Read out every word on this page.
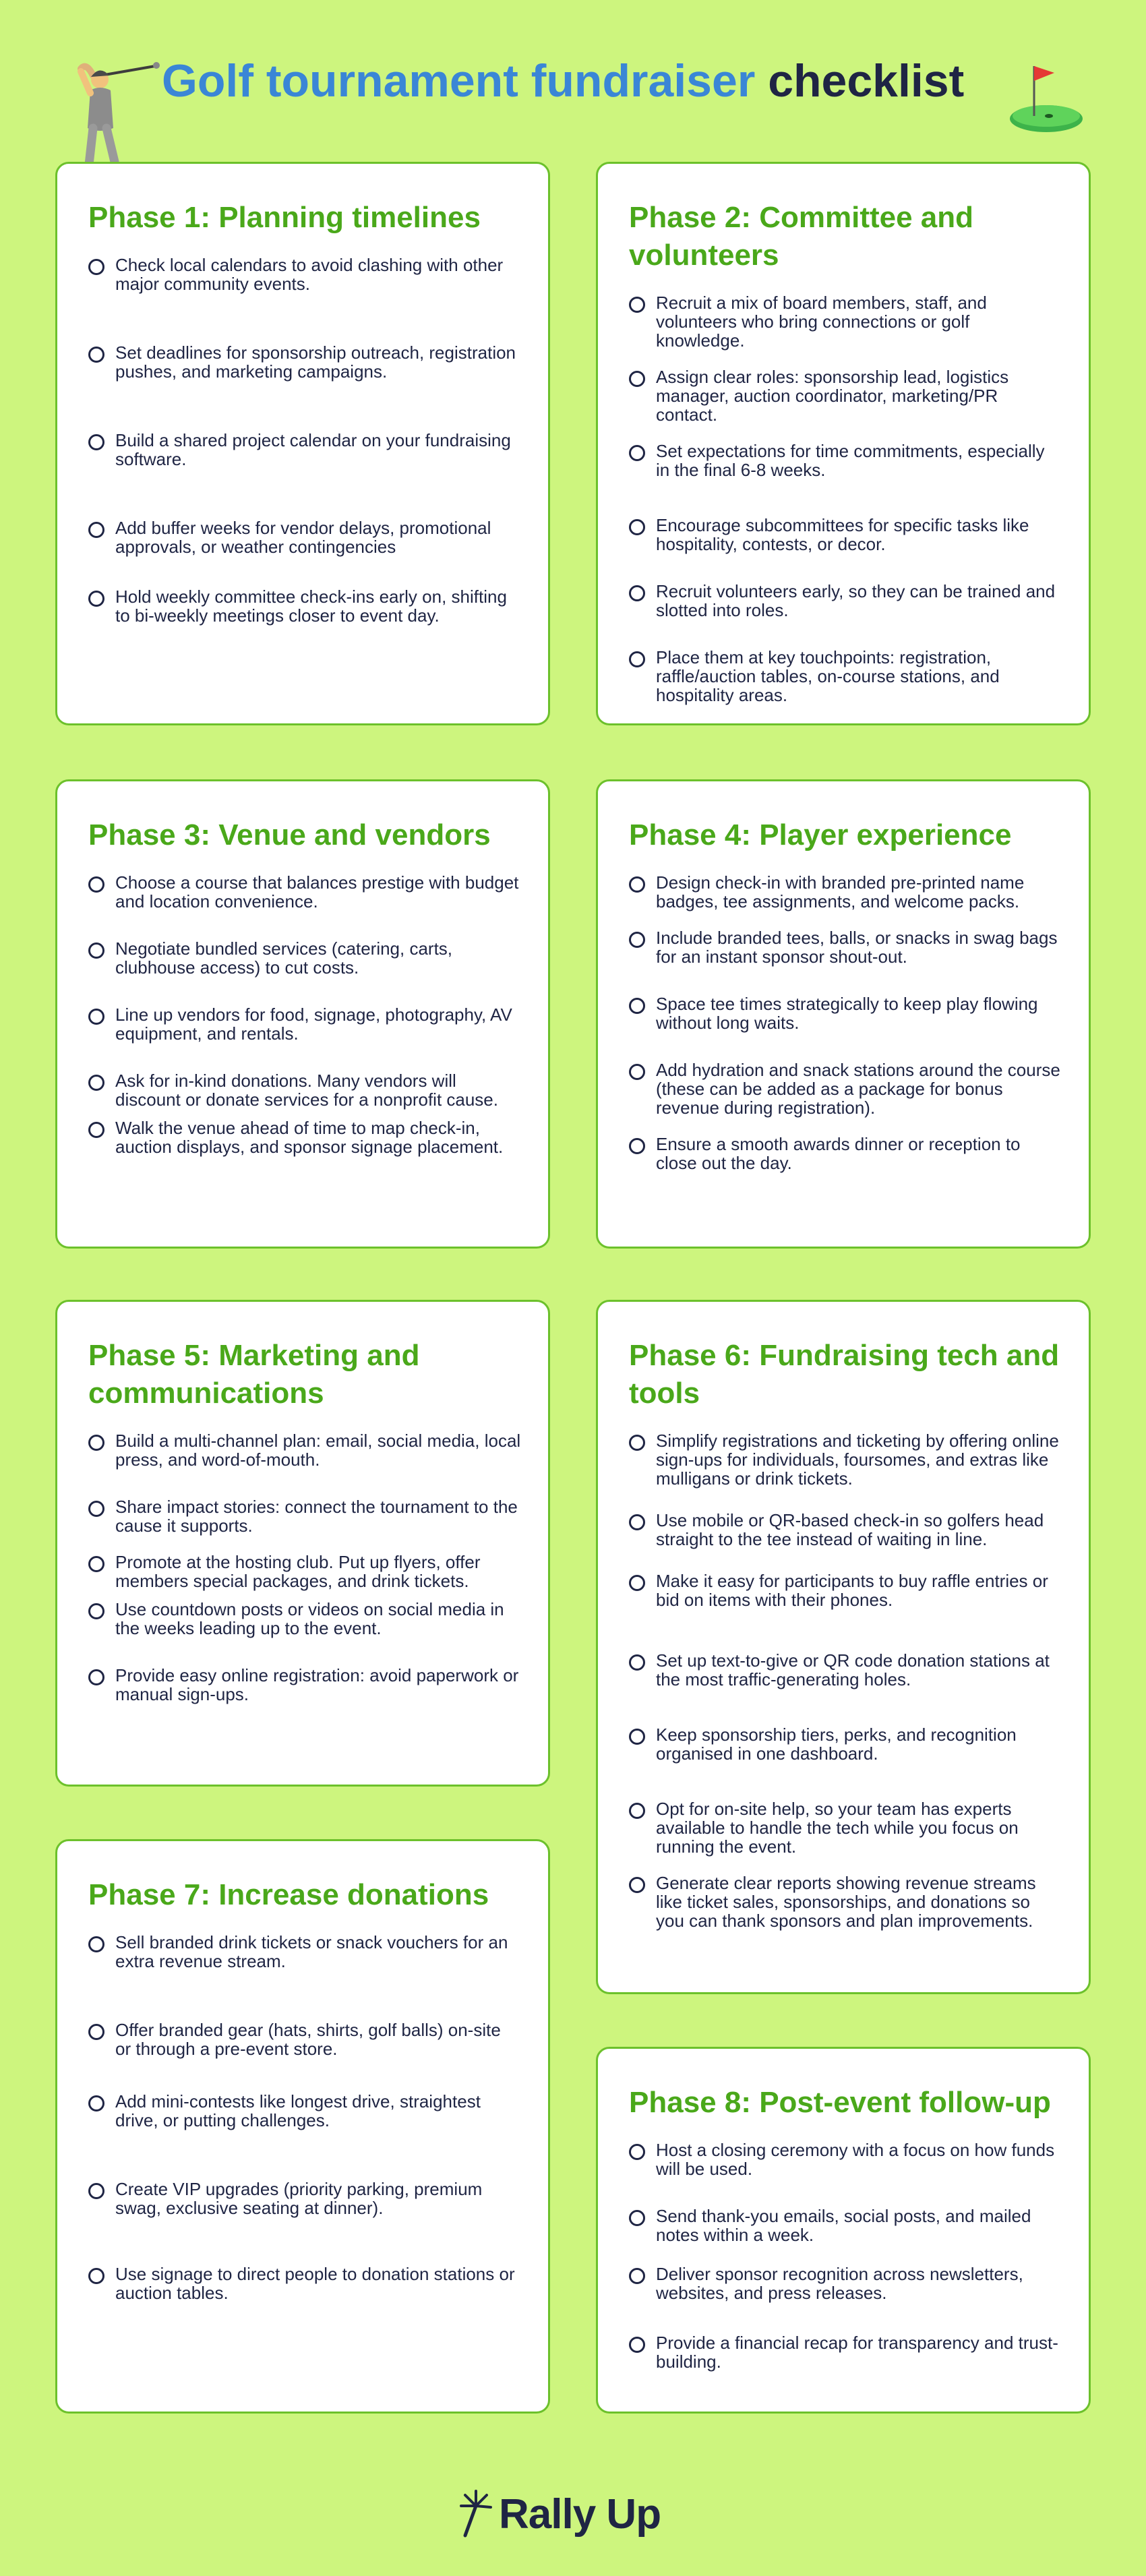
Golf tournament fundraiser checklist
Phase 1: Planning timelines
Check local calendars to avoid clashing with other major community events.
Set deadlines for sponsorship outreach, registration pushes, and marketing campaigns.
Build a shared project calendar on your fundraising software.
Add buffer weeks for vendor delays, promotional approvals, or weather contingencies
Hold weekly committee check-ins early on, shifting to bi-weekly meetings closer to event day.
Phase 2: Committee and volunteers
Recruit a mix of board members, staff, and volunteers who bring connections or golf knowledge.
Assign clear roles: sponsorship lead, logistics manager, auction coordinator, marketing/PR contact.
Set expectations for time commitments, especially in the final 6-8 weeks.
Encourage subcommittees for specific tasks like hospitality, contests, or decor.
Recruit volunteers early, so they can be trained and slotted into roles.
Place them at key touchpoints: registration, raffle/auction tables, on-course stations, and hospitality areas.
Phase 3: Venue and vendors
Choose a course that balances prestige with budget and location convenience.
Negotiate bundled services (catering, carts, clubhouse access) to cut costs.
Line up vendors for food, signage, photography, AV equipment, and rentals.
Ask for in-kind donations. Many vendors will discount or donate services for a nonprofit cause.
Walk the venue ahead of time to map check-in, auction displays, and sponsor signage placement.
Phase 4: Player experience
Design check-in with branded pre-printed name badges, tee assignments, and welcome packs.
Include branded tees, balls, or snacks in swag bags for an instant sponsor shout-out.
Space tee times strategically to keep play flowing without long waits.
Add hydration and snack stations around the course (these can be added as a package for bonus revenue during registration).
Ensure a smooth awards dinner or reception to close out the day.
Phase 5: Marketing and communications
Build a multi-channel plan: email, social media, local press, and word-of-mouth.
Share impact stories: connect the tournament to the cause it supports.
Promote at the hosting club. Put up flyers, offer members special packages, and drink tickets.
Use countdown posts or videos on social media in the weeks leading up to the event.
Provide easy online registration: avoid paperwork or manual sign-ups.
Phase 6: Fundraising tech and tools
Simplify registrations and ticketing by offering online sign-ups for individuals, foursomes, and extras like mulligans or drink tickets.
Use mobile or QR-based check-in so golfers head straight to the tee instead of waiting in line.
Make it easy for participants to buy raffle entries or bid on items with their phones.
Set up text-to-give or QR code donation stations at the most traffic-generating holes.
Keep sponsorship tiers, perks, and recognition organised in one dashboard.
Opt for on-site help, so your team has experts available to handle the tech while you focus on running the event.
Generate clear reports showing revenue streams like ticket sales, sponsorships, and donations so you can thank sponsors and plan improvements.
Phase 7: Increase donations
Sell branded drink tickets or snack vouchers for an extra revenue stream.
Offer branded gear (hats, shirts, golf balls) on-site or through a pre-event store.
Add mini-contests like longest drive, straightest drive, or putting challenges.
Create VIP upgrades (priority parking, premium swag, exclusive seating at dinner).
Use signage to direct people to donation stations or auction tables.
Phase 8: Post-event follow-up
Host a closing ceremony with a focus on how funds will be used.
Send thank-you emails, social posts, and mailed notes within a week.
Deliver sponsor recognition across newsletters, websites, and press releases.
Provide a financial recap for transparency and trust-building.
Rally Up
